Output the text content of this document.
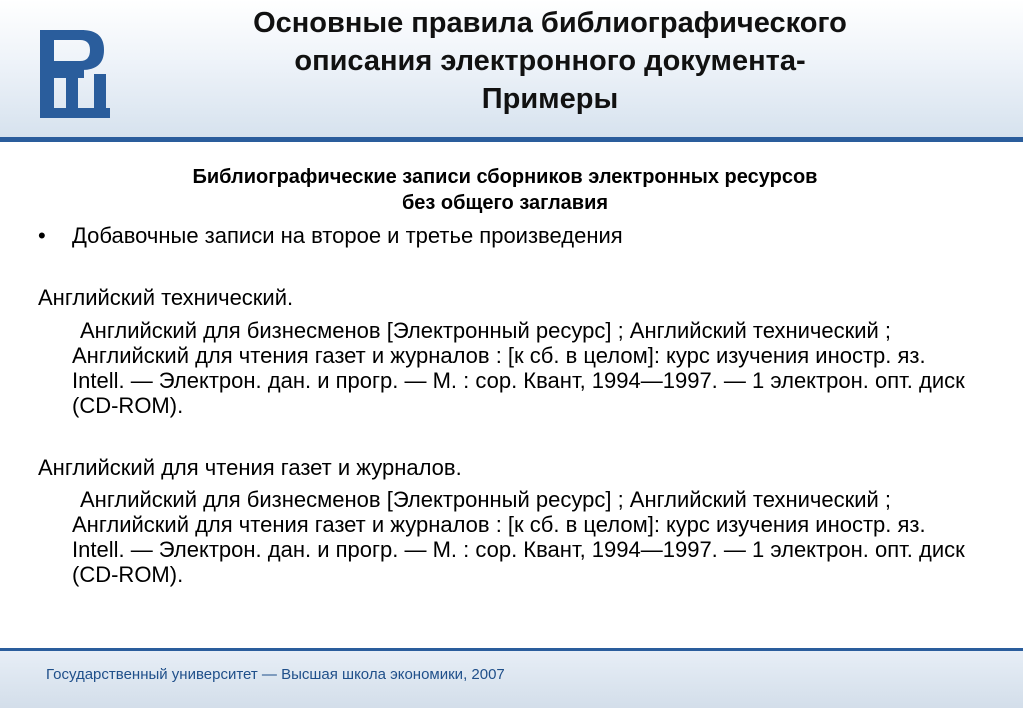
Основные правила библиографического
описания электронного документа-
Примеры
Библиографические записи сборников электронных ресурсов
без общего заглавия
• Добавочные записи на второе и третье произведения
Английский технический.
Английский для бизнесменов [Электронный ресурс] ; Английский технический ; Английский для чтения газет и журналов : [к сб. в целом]: курс изучения иностр. яз. Intell. — Электрон. дан. и прогр. — М. : сор. Квант, 1994—1997. — 1 электрон. опт. диск (CD-ROM).
Английский для чтения газет и журналов.
Английский для бизнесменов [Электронный ресурс] ; Английский технический ; Английский для чтения газет и журналов : [к сб. в целом]: курс изучения иностр. яз. Intell. — Электрон. дан. и прогр. — М. : сор. Квант, 1994—1997. — 1 электрон. опт. диск (CD-ROM).
Государственный университет — Высшая школа экономики, 2007
